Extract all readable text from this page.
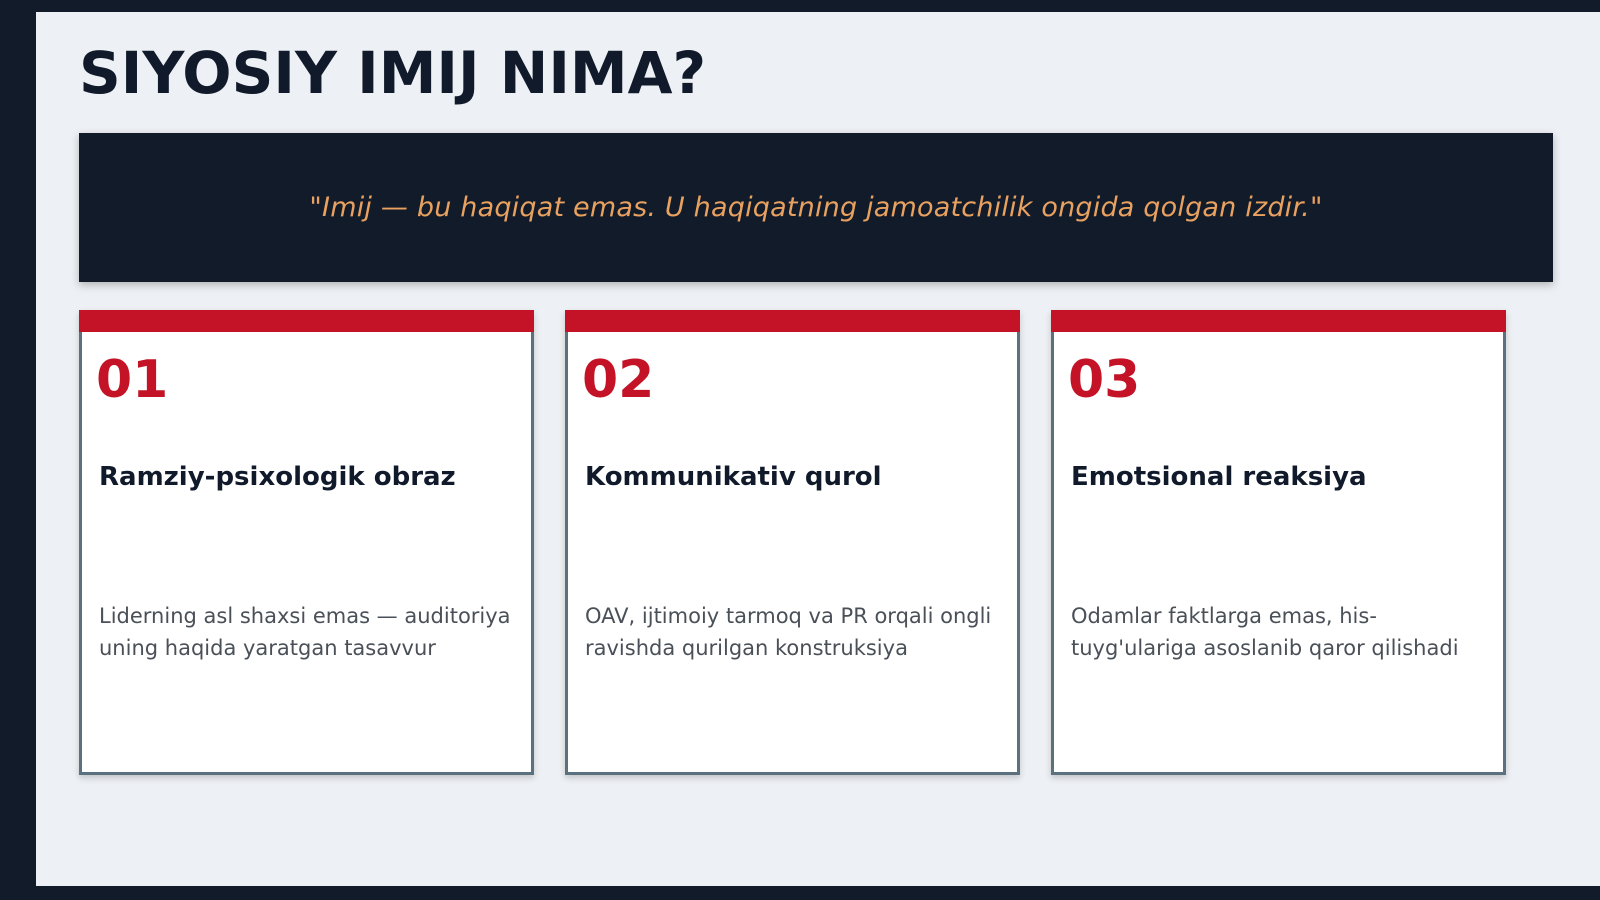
SIYOSIY IMIJ NIMA?
"Imij — bu haqiqat emas. U haqiqatning jamoatchilik ongida qolgan izdir."
01
Ramziy-psixologik obraz
Liderning asl shaxsi emas — auditoriya uning haqida yaratgan tasavvur
02
Kommunikativ qurol
OAV, ijtimoiy tarmoq va PR orqali ongli ravishda qurilgan konstruksiya
03
Emotsional reaksiya
Odamlar faktlarga emas, his-tuyg'ulariga asoslanib qaror qilishadi
